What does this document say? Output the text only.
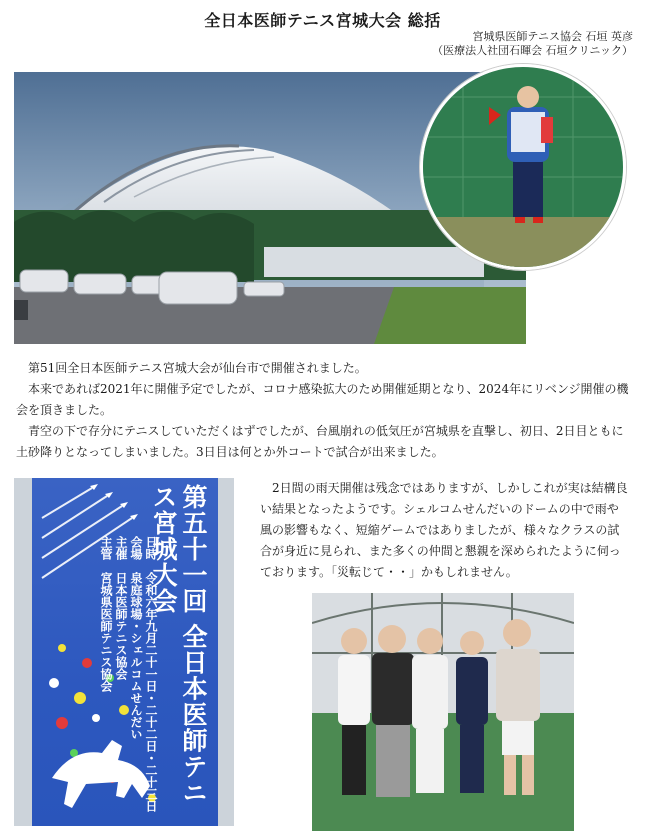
全日本医師テニス宮城大会 総括
宮城県医師テニス協会 石垣 英彦
（医療法人社団石暉会 石垣クリニック）

第51回全日本医師テニス宮城大会が仙台市で開催されました。

本来であれば2021年に開催予定でしたが、コロナ感染拡大のため開催延期となり、2024年にリベンジ開催の機会を頂きました。

青空の下で存分にテニスしていただくはずでしたが、台風崩れの低気圧が宮城県を直撃し、初日、2日目ともに土砂降りとなってしまいました。3日目は何とか外コートで試合が出来ました。

第五十一回 全日本医師テニス宮城大会
日時　令和六年九月二十一日・二十二日・二十三日
会場　泉庭球場・シェルコムせんだい
主催　日本医師テニス協会
主管　宮城県医師テニス協会

2日間の雨天開催は残念ではありますが、しかしこれが実は結構良い結果となったようです。シェルコムせんだいのドームの中で雨や風の影響もなく、短縮ゲームではありましたが、様々なクラスの試合が身近に見られ、また多くの仲間と懇親を深められたように伺っております。「災転じて・・」かもしれません。
